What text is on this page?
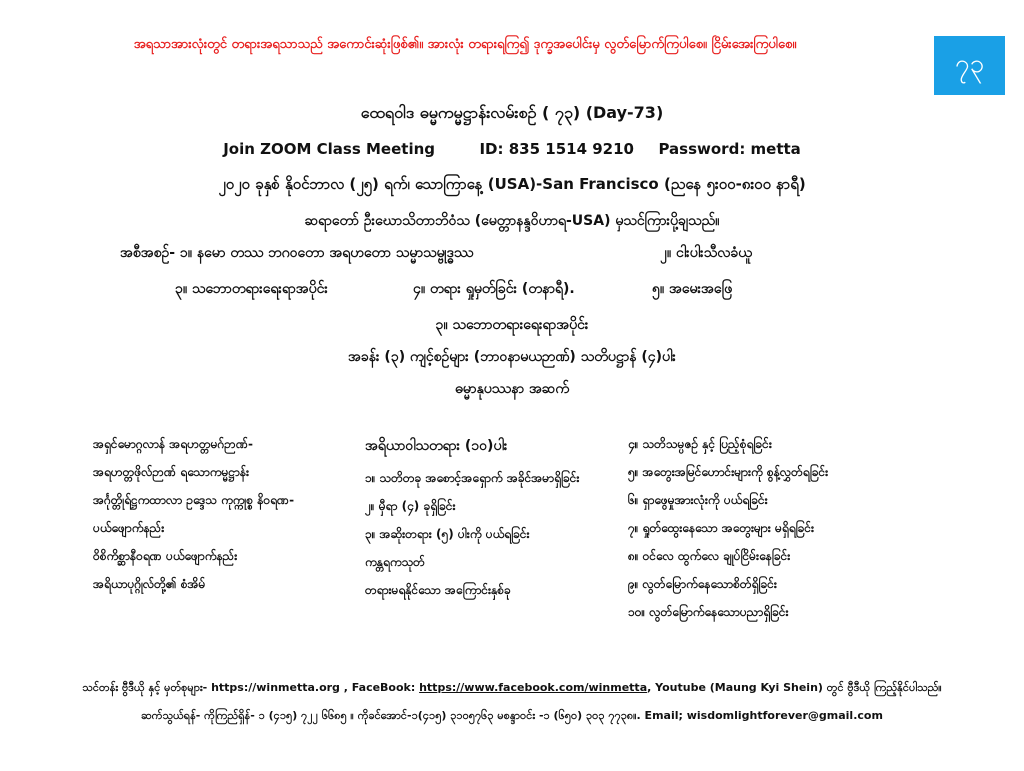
အရသာအားလုံးတွင် တရားအရသာသည် အကောင်းဆုံးဖြစ်၏။ အားလုံး တရားရကြ၍ ဒုက္ခအပေါင်းမှ လွတ်မြောက်ကြပါစေ။ ငြိမ်းအေးကြပါစေ။
၇၃
ထေရဝါဒ ဓမ္မကမ္မဋ္ဌာန်းလမ်းစဉ် ( ၇၃) (Day-73)
Join ZOOM Class Meeting	ID: 835 1514 9210 Password: metta
၂၀၂၀ ခုနှစ် နိုဝင်ဘာလ (၂၅) ရက်၊ သောကြာနေ့ (USA)-San Francisco (ညနေ ၅း၀၀-၈း၀၀ နာရီ)
ဆရာတော် ဦးဃောသိတာဘိဝံသ (မေတ္တာနန္ဒဝိဟာရ-USA) မှသင်ကြားပို့ချသည်။
အစီအစဉ်- ၁။ နမော တဿ ဘဂဝတော အရဟတော သမ္မာသမ္ဗုဒ္ဓဿ	၂။ ငါးပါးသီလခံယူ
၃။ သဘောတရားရေးရာအပိုင်း	၄။ တရား ရှုမှတ်ခြင်း (တနာရီ).	၅။ အမေးအဖြေ
၃။ သဘောတရားရေးရာအပိုင်း
အခန်း (၃) ကျင့်စဉ်များ (ဘာဝနာမယဉာဏ်) သတိပဋ္ဌာန် (၄)ပါး
ဓမ္မာနုပဿနာ အဆက်
အရှင်မောဂ္ဂလာန် အရဟတ္တမဂ်ဉာဏ်-
အရဟတ္တဖိုလ်ဉာဏ် ရသောကမ္မဋ္ဌာန်း
အင်္ဂုတ္တိုရ်ဋ္ဌကထာလာ ဥဒ္ဒေသ ကုက္ကုစ္စ နိဝရဏ-
ပယ်ဖျောက်နည်း
ဝိစိကိစ္ဆာနီဝရဏ ပယ်ဖျောက်နည်း
အရိယာပုဂ္ဂိုလ်တို့၏ စံအိမ်
အရိယာဝါသတရား (၁၀)ပါး
၁။ သတိတခု အစောင့်အရှောက် အခိုင်အမာရှိခြင်း
၂။ မှီရာ (၄) ခုရှိခြင်း
၃။ အဆိုးတရား (၅) ပါးကို ပယ်ရခြင်း
ကန္တရကသုတ်
တရားမရနိုင်သော အကြောင်းနှစ်ခု
၄။ သတိသမ္ပဇဉ် နှင့် ပြည့်စုံရခြင်း
၅။ အတွေးအမြင်ဟောင်းများကို စွန့်လွှတ်ရခြင်း
၆။ ရှာဖွေမှုအားလုံးကို ပယ်ရခြင်း
၇။ ရှုတ်ထွေးနေသော အတွေးများ မရှိရခြင်း
၈။ ဝင်လေ ထွက်လေ ချုပ်ငြိမ်းနေခြင်း
၉။ လွတ်မြောက်နေသောစိတ်ရှိခြင်း
၁၀။ လွတ်မြောက်နေသောပညာရှိခြင်း
သင်တန်း ဗွီဒီယို နှင့် မှတ်စုများ- https://winmetta.org , FaceBook: https://www.facebook.com/winmetta, Youtube (Maung Kyi Shein) တွင် ဗွီဒီယို ကြည့်နိုင်ပါသည်။
ဆက်သွယ်ရန်- ကိုကြည်ရှိန်- ၁ (၄၁၅) ၇၂၂ ၆၆၈၅ ။ ကိုခင်အောင်-၁(၄၁၅) ၃၁၀၅၇၆၃ မစန္ဒာဝင်း -၁ (၆၅၀) ၃၀၃ ၇၇၃၈။. Email; wisdomlightforever@gmail.com
